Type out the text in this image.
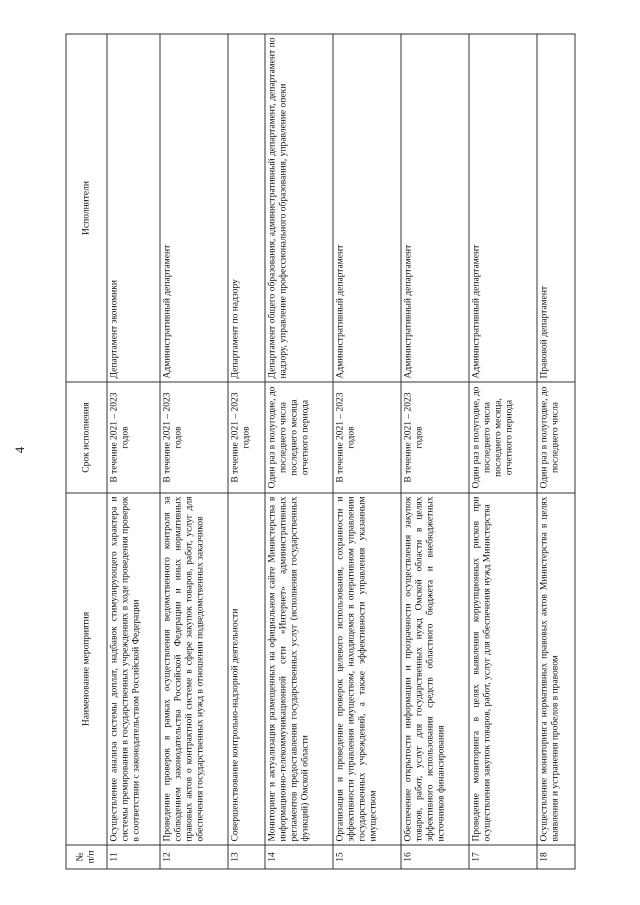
4
№ п/п	Наименование мероприятия	Срок исполнения	Исполнители
11	Осуществление анализа системы доплат, надбавок стимулирующего характера и системы премирования в государственных учреждениях в ходе проведения проверок в соответствии с законодательством Российской Федерации	В течение 2021 – 2023 годов	Департамент экономики
12	Проведение проверок в рамках осуществления ведомственного контроля за соблюдением законодательства Российской Федерации и иных нормативных правовых актов о контрактной системе в сфере закупок товаров, работ, услуг для обеспечения государственных нужд в отношении подведомственных заказчиков	В течение 2021 – 2023 годов	Административный департамент
13	Совершенствование контрольно-надзорной деятельности	В течение 2021 – 2023 годов	Департамент по надзору
14	Мониторинг и актуализация размещенных на официальном сайте Министерства в информационно-телекоммуникационной сети «Интернет» административных регламентов предоставления государственных услуг (исполнения государственных функций) Омской области	Один раз в полугодие, до последнего числа последнего месяца отчетного периода	Департамент общего образования, административный департамент, департамент по надзору, управление профессионального образования, управление опеки
15	Организация и проведение проверок целевого использования, сохранности и эффективности управления имуществом, находящемся в оперативном управлении государственных учреждений, а также эффективности управления указанным имуществом	В течение 2021 – 2023 годов	Административный департамент
16	Обеспечение открытости информации и прозрачности осуществления закупок товаров, работ, услуг для государственных нужд Омской области в целях эффективного использования средств областного бюджета и внебюджетных источников финансирования	В течение 2021 – 2023 годов	Административный департамент
17	Проведение мониторинга в целях выявления коррупционных рисков при осуществлении закупок товаров, работ, услуг для обеспечения нужд Министерства	Один раз в полугодие, до последнего числа последнего месяца, отчетного периода	Административный департамент
18	Осуществление мониторинга нормативных правовых актов Министерства в целях выявления и устранения пробелов в правовом	Один раз в полугодие, до последнего числа	Правовой департамент
